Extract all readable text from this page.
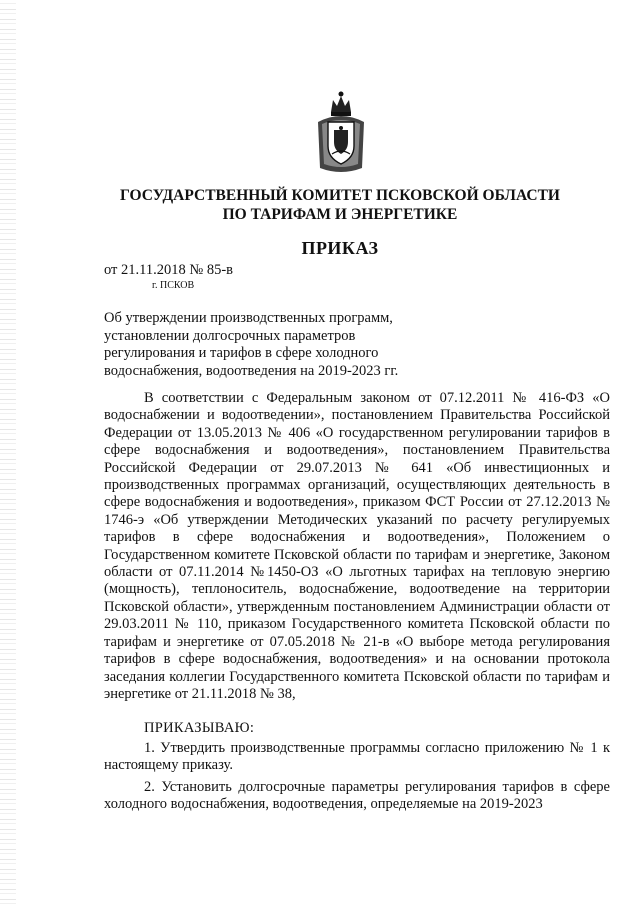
ГОСУДАРСТВЕННЫЙ КОМИТЕТ ПСКОВСКОЙ ОБЛАСТИ
ПО ТАРИФАМ И ЭНЕРГЕТИКЕ
ПРИКАЗ
от 21.11.2018 № 85-в
г. ПСКОВ
Об утверждении производственных программ,
установлении долгосрочных параметров
регулирования и тарифов в сфере холодного
водоснабжения, водоотведения на 2019-2023 гг.

В соответствии с Федеральным законом от 07.12.2011 № 416-ФЗ «О водоснабжении и водоотведении», постановлением Правительства Российской Федерации от 13.05.2013 № 406 «О государственном регулировании тарифов в сфере водоснабжения и водоотведения», постановлением Правительства Российской Федерации от 29.07.2013 № 641 «Об инвестиционных и производственных программах организаций, осуществляющих деятельность в сфере водоснабжения и водоотведения», приказом ФСТ России от 27.12.2013 № 1746-э «Об утверждении Методических указаний по расчету регулируемых тарифов в сфере водоснабжения и водоотведения», Положением о Государственном комитете Псковской области по тарифам и энергетике, Законом области от 07.11.2014 №1450-ОЗ «О льготных тарифах на тепловую энергию (мощность), теплоноситель, водоснабжение, водоотведение на территории Псковской области», утвержденным постановлением Администрации области от 29.03.2011 № 110, приказом Государственного комитета Псковской области по тарифам и энергетике от 07.05.2018 № 21-в «О выборе метода регулирования тарифов в сфере водоснабжения, водоотведения» и на основании протокола заседания коллегии Государственного комитета Псковской области по тарифам и энергетике от 21.11.2018 № 38,

ПРИКАЗЫВАЮ:

1. Утвердить производственные программы согласно приложению № 1 к настоящему приказу.

2. Установить долгосрочные параметры регулирования тарифов в сфере холодного водоснабжения, водоотведения, определяемые на 2019-2023
